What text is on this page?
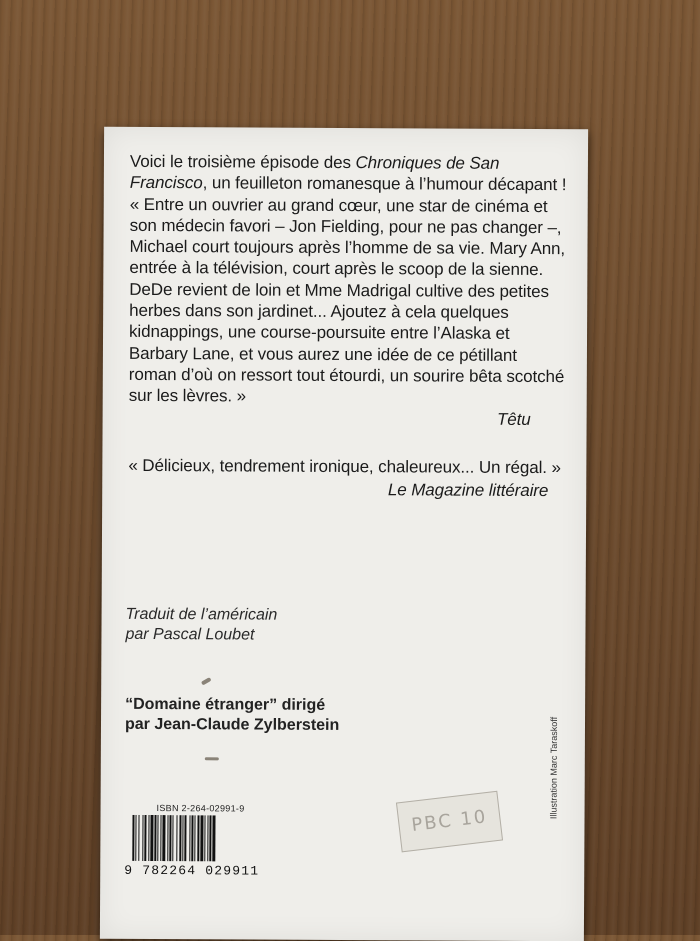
Voici le troisième épisode des Chroniques de San Francisco, un feuilleton romanesque à l’humour décapant !

« Entre un ouvrier au grand cœur, une star de cinéma et son médecin favori – Jon Fielding, pour ne pas changer –, Michael court toujours après l’homme de sa vie. Mary Ann, entrée à la télévision, court après le scoop de la sienne. DeDe revient de loin et Mme Madrigal cultive des petites herbes dans son jardinet... Ajoutez à cela quelques kidnappings, une course-poursuite entre l’Alaska et Barbary Lane, et vous aurez une idée de ce pétillant roman d’où on ressort tout étourdi, un sourire bêta scotché sur les lèvres. »

Têtu

« Délicieux, tendrement ironique, chaleureux... Un régal. »

Le Magazine littéraire

Traduit de l’américain
par Pascal Loubet
“Domaine étranger” dirigé
par Jean-Claude Zylberstein	Illustration Marc Taraskoff
ISBN 2-264-02991-9
9 782264 029911
PBC 10
